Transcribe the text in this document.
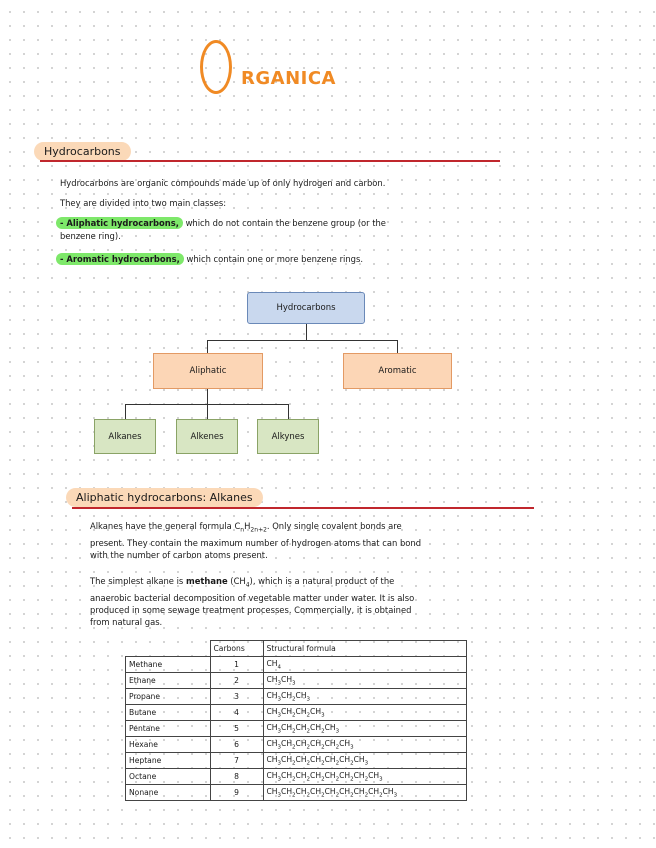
RGANICA
Hydrocarbons

Hydrocarbons are organic compounds made up of only hydrogen and carbon.

They are divided into two main classes:

- Aliphatic hydrocarbons, which do not contain the benzene group (or the

benzene ring).

- Aromatic hydrocarbons, which contain one or more benzene rings.
Hydrocarbons
Aliphatic	Aromatic
Alkanes	Alkenes	Alkynes
Aliphatic hydrocarbons: Alkanes
Alkanes have the general formula $C_nH_{2n+2}$. Only single covalent bonds are
present. They contain the maximum number of hydrogen atoms that can bond
with the number of carbon atoms present.
The simplest alkane is methane $(CH_4)$, which is a natural product of the
anaerobic bacterial decomposition of vegetable matter under water. It is also
produced in some sewage treatment processes. Commercially, it is obtained
from natural gas.
	Carbons	Structural formula
Methane	1	$CH_4$
Ethane	2	$CH_3CH_3$
Propane	3	$CH_3CH_2CH_3$
Butane	4	$CH_3CH_2CH_2CH_3$
Pentane	5	$CH_3CH_2CH_2CH_2CH_3$
Hexane	6	$CH_3CH_2CH_2CH_2CH_2CH_3$
Heptane	7	$CH_3CH_2CH_2CH_2CH_2CH_2CH_3$
Octane	8	$CH_3CH_2CH_2CH_2CH_2CH_2CH_2CH_3$
Nonane	9	$CH_3CH_2CH_2CH_2CH_2CH_2CH_2CH_2CH_3$
